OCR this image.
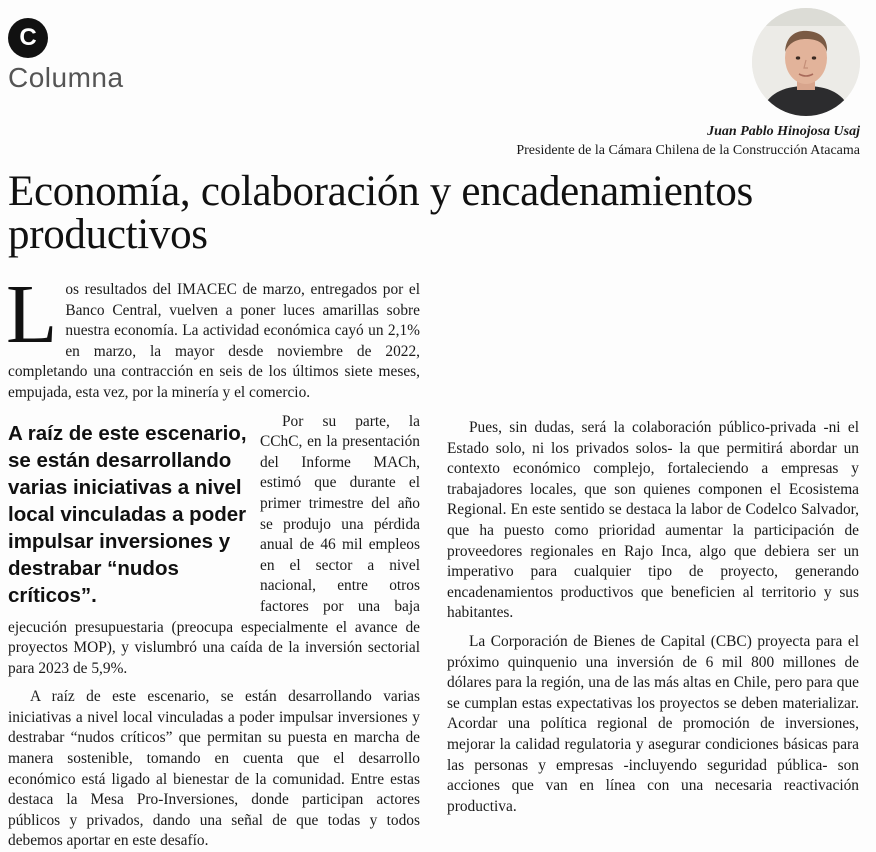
C
Columna
Juan Pablo Hinojosa Usaj
Presidente de la Cámara Chilena de la Construcción Atacama
Economía, colaboración y encadenamientos productivos

Los resultados del IMACEC de marzo, entregados por el Banco Central, vuelven a poner luces amarillas sobre nuestra economía. La actividad económica cayó un 2,1% en marzo, la mayor desde noviembre de 2022, completando una contracción en seis de los últimos siete meses, empujada, esta vez, por la minería y el comercio.

A raíz de este escenario, se están desarrollando varias iniciativas a nivel local vinculadas a poder impulsar inversiones y destrabar “nudos críticos”.

Por su parte, la CChC, en la presentación del Informe MACh, estimó que durante el primer trimestre del año se produjo una pérdida anual de 46 mil empleos en el sector a nivel nacional, entre otros factores por una baja ejecución presupuestaria (preocupa especialmente el avance de proyectos MOP), y vislumbró una caída de la inversión sectorial para 2023 de 5,9%.

A raíz de este escenario, se están desarrollando varias iniciativas a nivel local vinculadas a poder impulsar inversiones y destrabar “nudos críticos” que permitan su puesta en marcha de manera sostenible, tomando en cuenta que el desarrollo económico está ligado al bienestar de la comunidad. Entre estas destaca la Mesa Pro-Inversiones, donde participan actores públicos y privados, dando una señal de que todas y todos debemos aportar en este desafío.

Pues, sin dudas, será la colaboración público-privada -ni el Estado solo, ni los privados solos- la que permitirá abordar un contexto económico complejo, fortaleciendo a empresas y trabajadores locales, que son quienes componen el Ecosistema Regional. En este sentido se destaca la labor de Codelco Salvador, que ha puesto como prioridad aumentar la participación de proveedores regionales en Rajo Inca, algo que debiera ser un imperativo para cualquier tipo de proyecto, generando encadenamientos productivos que beneficien al territorio y sus habitantes.

La Corporación de Bienes de Capital (CBC) proyecta para el próximo quinquenio una inversión de 6 mil 800 millones de dólares para la región, una de las más altas en Chile, pero para que se cumplan estas expectativas los proyectos se deben materializar. Acordar una política regional de promoción de inversiones, mejorar la calidad regulatoria y asegurar condiciones básicas para las personas y empresas -incluyendo seguridad pública- son acciones que van en línea con una necesaria reactivación productiva.
